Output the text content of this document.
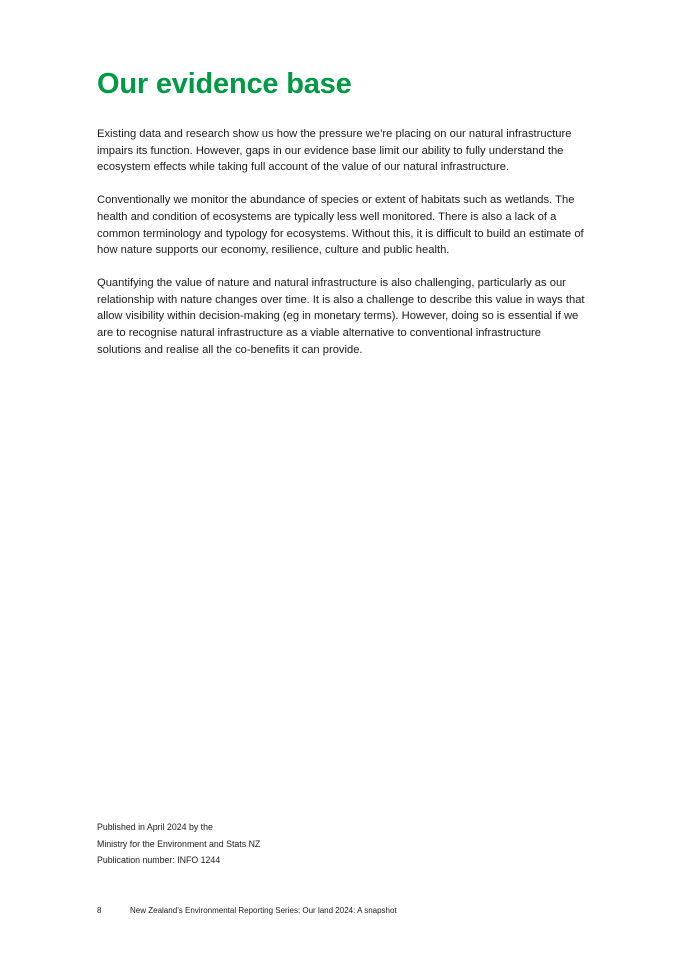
Our evidence base

Existing data and research show us how the pressure we’re placing on our natural infrastructure impairs its function. However, gaps in our evidence base limit our ability to fully understand the ecosystem effects while taking full account of the value of our natural infrastructure.

Conventionally we monitor the abundance of species or extent of habitats such as wetlands. The health and condition of ecosystems are typically less well monitored. There is also a lack of a common terminology and typology for ecosystems. Without this, it is difficult to build an estimate of how nature supports our economy, resilience, culture and public health.

Quantifying the value of nature and natural infrastructure is also challenging, particularly as our relationship with nature changes over time. It is also a challenge to describe this value in ways that allow visibility within decision-making (eg in monetary terms). However, doing so is essential if we are to recognise natural infrastructure as a viable alternative to conventional infrastructure solutions and realise all the co-benefits it can provide.

Published in April 2024 by the
Ministry for the Environment and Stats NZ
Publication number: INFO 1244
8	New Zealand’s Environmental Reporting Series: Our land 2024: A snapshot
